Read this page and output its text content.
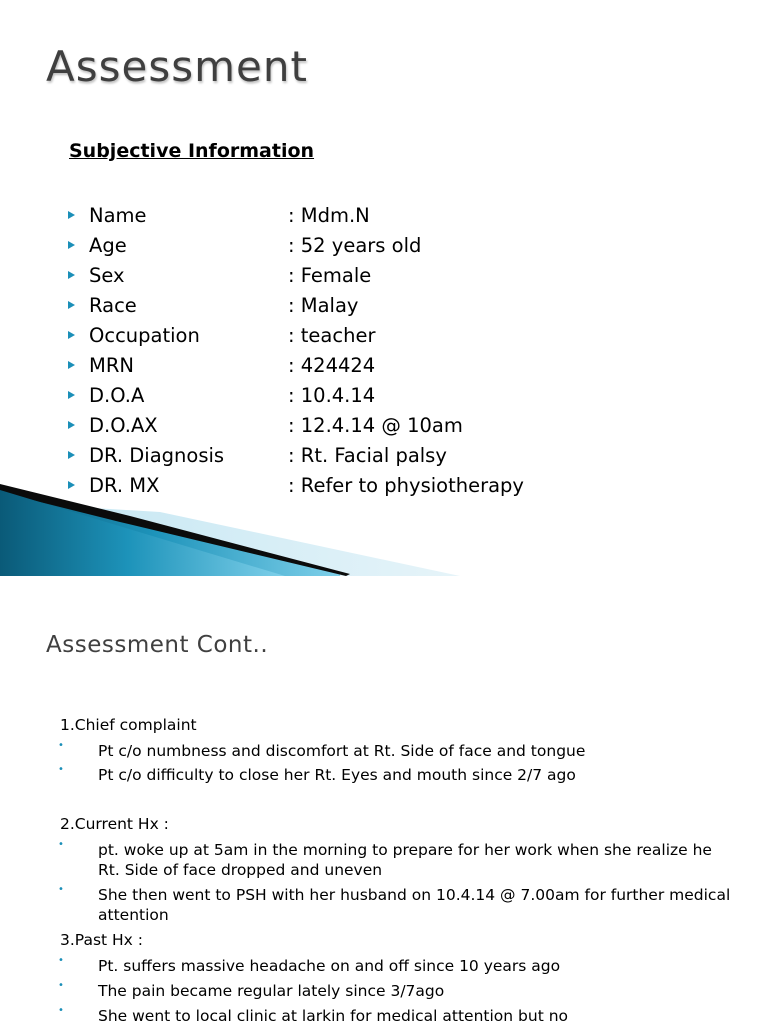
Assessment
Subjective Information
Name	: Mdm.N
Age	: 52 years old
Sex	: Female
Race	: Malay
Occupation	: teacher
MRN	: 424424
D.O.A	: 10.4.14
D.O.AX	: 12.4.14 @ 10am
DR. Diagnosis	: Rt. Facial palsy
DR. MX	: Refer to physiotherapy
Assessment Cont..
1.Chief complaint
• Pt c/o numbness and discomfort at Rt. Side of face and tongue
• Pt c/o difficulty to close her Rt. Eyes and mouth since 2/7 ago
2.Current Hx :
• pt. woke up at 5am in the morning to prepare for her work when she realize he Rt. Side of face dropped and uneven
• She then went to PSH with her husband on 10.4.14 @ 7.00am for further medical attention
3.Past Hx :
• Pt. suffers massive headache on and off since 10 years ago
• The pain became regular lately since 3/7ago
• She went to local clinic at larkin for medical attention but no
